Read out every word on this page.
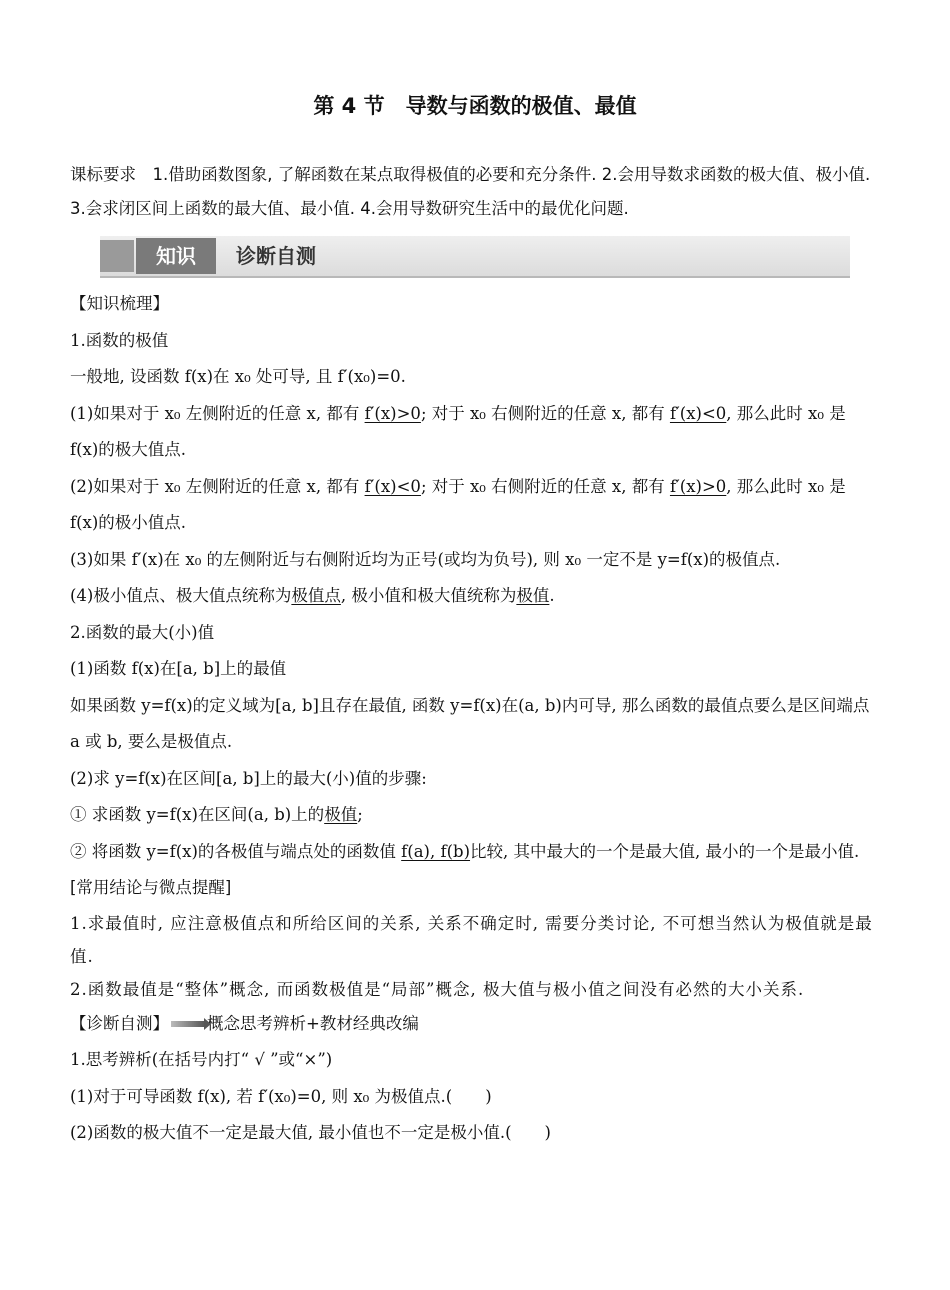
第 4 节　导数与函数的极值、最值
课标要求　1.借助函数图象, 了解函数在某点取得极值的必要和充分条件. 2.会用导数求函数的极大值、极小值. 3.会求闭区间上函数的最大值、最小值. 4.会用导数研究生活中的最优化问题.
知识	诊断自测
【知识梳理】
1.函数的极值
一般地, 设函数 f(x)在 x₀ 处可导, 且 f′(x₀)=0.
(1)如果对于 x₀ 左侧附近的任意 x, 都有 f′(x)>0; 对于 x₀ 右侧附近的任意 x, 都有 f′(x)<0, 那么此时 x₀ 是
f(x)的极大值点.
(2)如果对于 x₀ 左侧附近的任意 x, 都有 f′(x)<0; 对于 x₀ 右侧附近的任意 x, 都有 f′(x)>0, 那么此时 x₀ 是
f(x)的极小值点.
(3)如果 f′(x)在 x₀ 的左侧附近与右侧附近均为正号(或均为负号), 则 x₀ 一定不是 y=f(x)的极值点.
(4)极小值点、极大值点统称为极值点, 极小值和极大值统称为极值.
2.函数的最大(小)值
(1)函数 f(x)在[a, b]上的最值
如果函数 y=f(x)的定义域为[a, b]且存在最值, 函数 y=f(x)在(a, b)内可导, 那么函数的最值点要么是区间端点 a 或 b, 要么是极值点.
(2)求 y=f(x)在区间[a, b]上的最大(小)值的步骤:
① 求函数 y=f(x)在区间(a, b)上的极值;
② 将函数 y=f(x)的各极值与端点处的函数值 f(a), f(b)比较, 其中最大的一个是最大值, 最小的一个是最小值.
[常用结论与微点提醒]
1.求最值时, 应注意极值点和所给区间的关系, 关系不确定时, 需要分类讨论, 不可想当然认为极值就是最值.
2.函数最值是“整体”概念, 而函数极值是“局部”概念, 极大值与极小值之间没有必然的大小关系.
【诊断自测】 概念思考辨析+教材经典改编
1.思考辨析(在括号内打“ √ ”或“×”)
(1)对于可导函数 f(x), 若 f′(x₀)=0, 则 x₀ 为极值点.(　　)
(2)函数的极大值不一定是最大值, 最小值也不一定是极小值.(　　)
